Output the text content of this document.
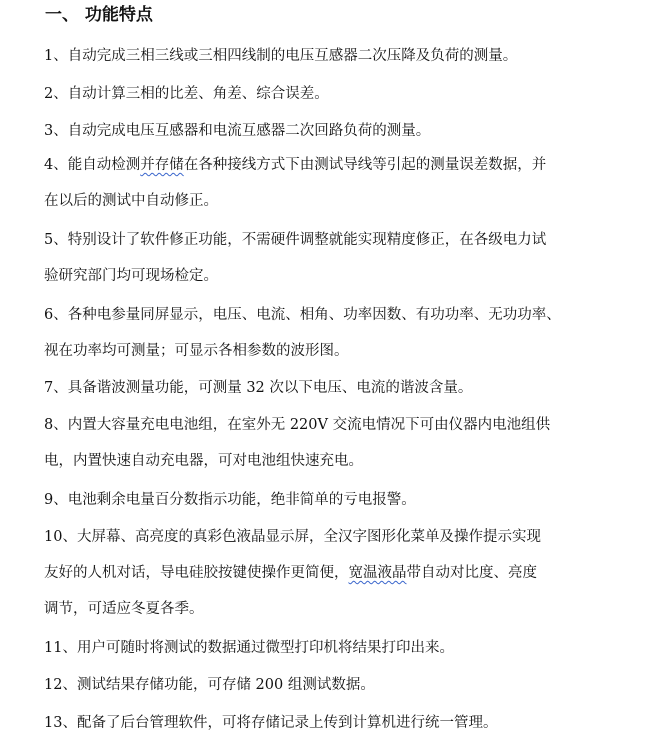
一、 功能特点
1、自动完成三相三线或三相四线制的电压互感器二次压降及负荷的测量。
2、自动计算三相的比差、角差、综合误差。
3、自动完成电压互感器和电流互感器二次回路负荷的测量。
4、能自动检测并存储在各种接线方式下由测试导线等引起的测量误差数据，并
在以后的测试中自动修正。
5、特别设计了软件修正功能，不需硬件调整就能实现精度修正，在各级电力试
验研究部门均可现场检定。
6、各种电参量同屏显示，电压、电流、相角、功率因数、有功功率、无功功率、
视在功率均可测量；可显示各相参数的波形图。
7、具备谐波测量功能，可测量 32 次以下电压、电流的谐波含量。
8、内置大容量充电电池组，在室外无 220V 交流电情况下可由仪器内电池组供
电，内置快速自动充电器，可对电池组快速充电。
9、电池剩余电量百分数指示功能，绝非简单的亏电报警。
10、大屏幕、高亮度的真彩色液晶显示屏，全汉字图形化菜单及操作提示实现
友好的人机对话，导电硅胶按键使操作更简便，宽温液晶带自动对比度、亮度
调节，可适应冬夏各季。
11、用户可随时将测试的数据通过微型打印机将结果打印出来。
12、测试结果存储功能，可存储 200 组测试数据。
13、配备了后台管理软件，可将存储记录上传到计算机进行统一管理。
